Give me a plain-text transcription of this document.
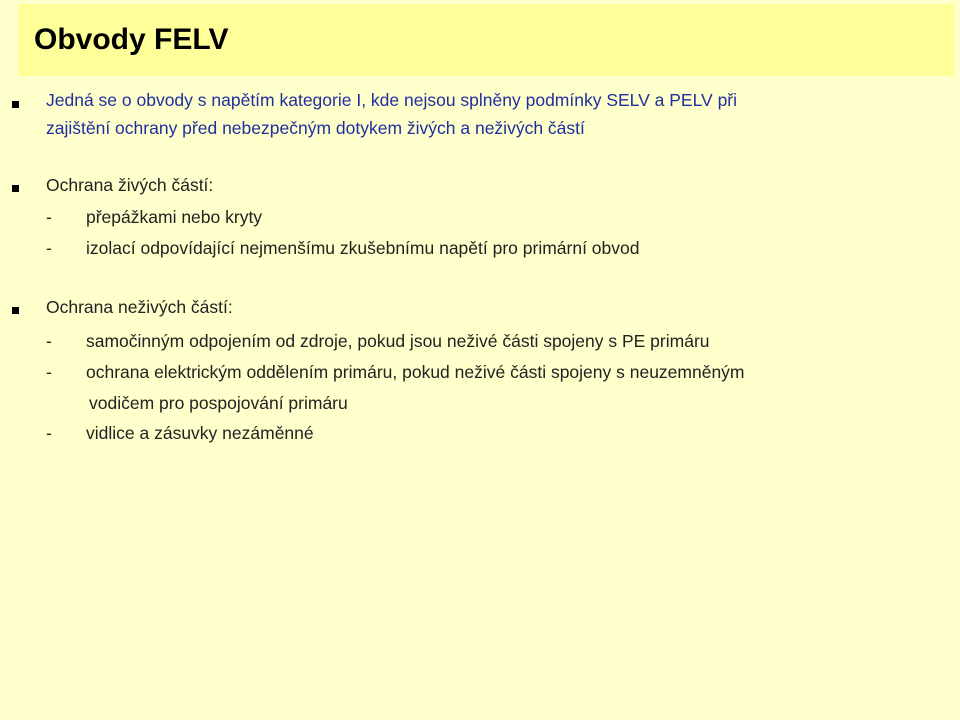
Obvody FELV

Jedná se o obvody s napětím kategorie I, kde nejsou splněny podmínky SELV a PELV při

zajištění ochrany před nebezpečným dotykem živých a neživých částí

Ochrana živých částí:

- přepážkami nebo kryty

- izolací odpovídající nejmenšímu zkušebnímu napětí pro primární obvod

Ochrana neživých částí:

- samočinným odpojením od zdroje, pokud jsou neživé části spojeny s PE primáru

- ochrana elektrickým oddělením primáru, pokud neživé části spojeny s neuzemněným

vodičem pro pospojování primáru

- vidlice a zásuvky nezáměnné
